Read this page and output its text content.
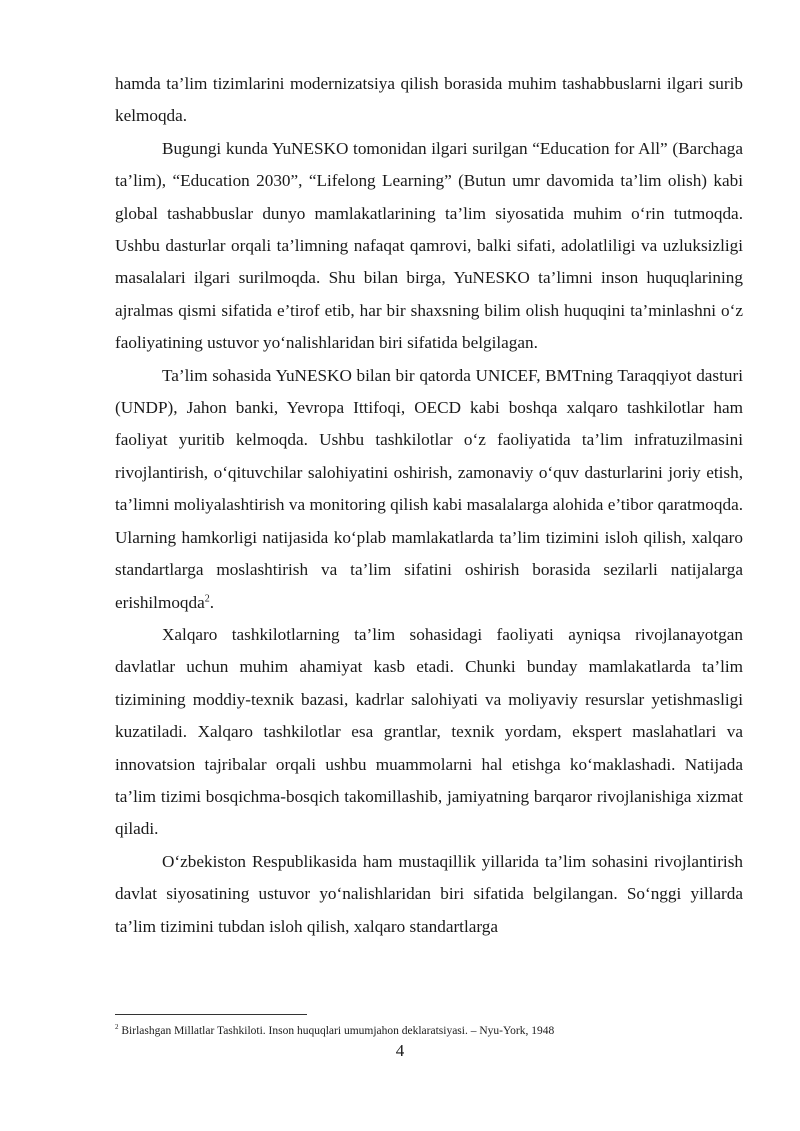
hamda ta’lim tizimlarini modernizatsiya qilish borasida muhim tashabbuslarni ilgari surib kelmoqda.

Bugungi kunda YuNESKO tomonidan ilgari surilgan “Education for All” (Barchaga ta’lim), “Education 2030”, “Lifelong Learning” (Butun umr davomida ta’lim olish) kabi global tashabbuslar dunyo mamlakatlarining ta’lim siyosatida muhim o‘rin tutmoqda. Ushbu dasturlar orqali ta’limning nafaqat qamrovi, balki sifati, adolatliligi va uzluksizligi masalalari ilgari surilmoqda. Shu bilan birga, YuNESKO ta’limni inson huquqlarining ajralmas qismi sifatida e’tirof etib, har bir shaxsning bilim olish huquqini ta’minlashni o‘z faoliyatining ustuvor yo‘nalishlaridan biri sifatida belgilagan.

Ta’lim sohasida YuNESKO bilan bir qatorda UNICEF, BMTning Taraqqiyot dasturi (UNDP), Jahon banki, Yevropa Ittifoqi, OECD kabi boshqa xalqaro tashkilotlar ham faoliyat yuritib kelmoqda. Ushbu tashkilotlar o‘z faoliyatida ta’lim infratuzilmasini rivojlantirish, o‘qituvchilar salohiyatini oshirish, zamonaviy o‘quv dasturlarini joriy etish, ta’limni moliyalashtirish va monitoring qilish kabi masalalarga alohida e’tibor qaratmoqda. Ularning hamkorligi natijasida ko‘plab mamlakatlarda ta’lim tizimini isloh qilish, xalqaro standartlarga moslashtirish va ta’lim sifatini oshirish borasida sezilarli natijalarga erishilmoqda$^2$.

Xalqaro tashkilotlarning ta’lim sohasidagi faoliyati ayniqsa rivojlanayotgan davlatlar uchun muhim ahamiyat kasb etadi. Chunki bunday mamlakatlarda ta’lim tizimining moddiy-texnik bazasi, kadrlar salohiyati va moliyaviy resurslar yetishmasligi kuzatiladi. Xalqaro tashkilotlar esa grantlar, texnik yordam, ekspert maslahatlari va innovatsion tajribalar orqali ushbu muammolarni hal etishga ko‘maklashadi. Natijada ta’lim tizimi bosqichma-bosqich takomillashib, jamiyatning barqaror rivojlanishiga xizmat qiladi.

O‘zbekiston Respublikasida ham mustaqillik yillarida ta’lim sohasini rivojlantirish davlat siyosatining ustuvor yo‘nalishlaridan biri sifatida belgilangan. So‘nggi yillarda ta’lim tizimini tubdan isloh qilish, xalqaro standartlarga

$^2$ Birlashgan Millatlar Tashkiloti. Inson huquqlari umumjahon deklaratsiyasi. – Nyu-York, 1948
4
